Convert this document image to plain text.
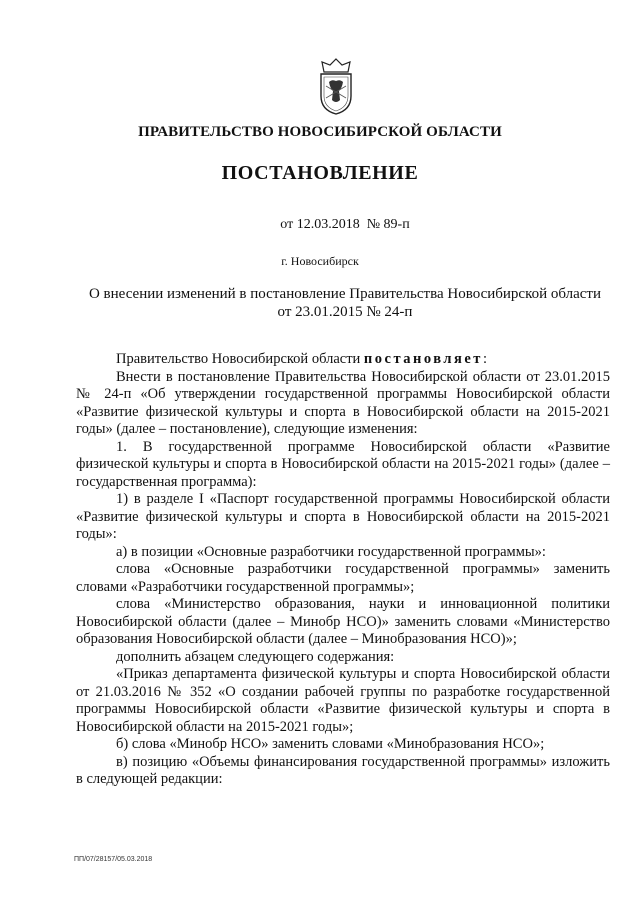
ПРАВИТЕЛЬСТВО НОВОСИБИРСКОЙ ОБЛАСТИ
ПОСТАНОВЛЕНИЕ
от 12.03.2018  № 89-п
г. Новосибирск
О внесении изменений в постановление Правительства Новосибирской области
от 23.01.2015 № 24-п

Правительство Новосибирской области постановляет:

Внести в постановление Правительства Новосибирской области от 23.01.2015 № 24-п «Об утверждении государственной программы Новосибирской области «Развитие физической культуры и спорта в Новосибирской области на 2015-2021 годы» (далее – постановление), следующие изменения:

1. В государственной программе Новосибирской области «Развитие физической культуры и спорта в Новосибирской области на 2015-2021 годы» (далее – государственная программа):

1) в разделе I «Паспорт государственной программы Новосибирской области «Развитие физической культуры и спорта в Новосибирской области на 2015-2021 годы»:

а) в позиции «Основные разработчики государственной программы»:

слова «Основные разработчики государственной программы» заменить словами «Разработчики государственной программы»;

слова «Министерство образования, науки и инновационной политики Новосибирской области (далее – Минобр НСО)» заменить словами «Министерство образования Новосибирской области (далее – Минобразования НСО)»;

дополнить абзацем следующего содержания:

«Приказ департамента физической культуры и спорта Новосибирской области от 21.03.2016 № 352 «О создании рабочей группы по разработке государственной программы Новосибирской области «Развитие физической культуры и спорта в Новосибирской области на 2015-2021 годы»;

б) слова «Минобр НСО» заменить словами «Минобразования НСО»;

в) позицию «Объемы финансирования государственной программы» изложить в следующей редакции:

ПП/07/28157/05.03.2018
